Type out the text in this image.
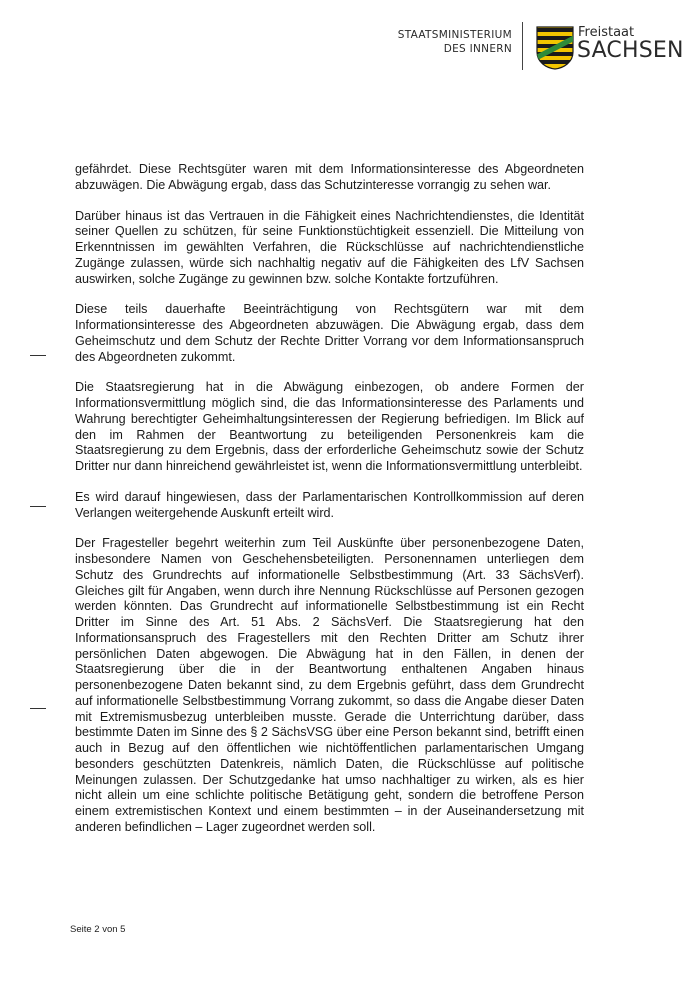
STAATSMINISTERIUM
DES INNERN
Freistaat
SACHSEN

gefährdet. Diese Rechtsgüter waren mit dem Informationsinteresse des Abgeordneten abzuwägen. Die Abwägung ergab, dass das Schutzinteresse vorrangig zu sehen war.

Darüber hinaus ist das Vertrauen in die Fähigkeit eines Nachrichtendienstes, die Identität seiner Quellen zu schützen, für seine Funktionstüchtigkeit essenziell. Die Mitteilung von Erkenntnissen im gewählten Verfahren, die Rückschlüsse auf nachrichtendienstliche Zugänge zulassen, würde sich nachhaltig negativ auf die Fähigkeiten des LfV Sachsen auswirken, solche Zugänge zu gewinnen bzw. solche Kontakte fortzuführen.

Diese teils dauerhafte Beeinträchtigung von Rechtsgütern war mit dem Informationsinteresse des Abgeordneten abzuwägen. Die Abwägung ergab, dass dem Geheimschutz und dem Schutz der Rechte Dritter Vorrang vor dem Informationsanspruch des Abgeordneten zukommt.

Die Staatsregierung hat in die Abwägung einbezogen, ob andere Formen der Informationsvermittlung möglich sind, die das Informationsinteresse des Parlaments und Wahrung berechtigter Geheimhaltungsinteressen der Regierung befriedigen. Im Blick auf den im Rahmen der Beantwortung zu beteiligenden Personenkreis kam die Staatsregierung zu dem Ergebnis, dass der erforderliche Geheimschutz sowie der Schutz Dritter nur dann hinreichend gewährleistet ist, wenn die Informationsvermittlung unterbleibt.

Es wird darauf hingewiesen, dass der Parlamentarischen Kontrollkommission auf deren Verlangen weitergehende Auskunft erteilt wird.

Der Fragesteller begehrt weiterhin zum Teil Auskünfte über personenbezogene Daten, insbesondere Namen von Geschehensbeteiligten. Personennamen unterliegen dem Schutz des Grundrechts auf informationelle Selbstbestimmung (Art. 33 SächsVerf). Gleiches gilt für Angaben, wenn durch ihre Nennung Rückschlüsse auf Personen gezogen werden könnten. Das Grundrecht auf informationelle Selbstbestimmung ist ein Recht Dritter im Sinne des Art. 51 Abs. 2 SächsVerf. Die Staatsregierung hat den Informationsanspruch des Fragestellers mit den Rechten Dritter am Schutz ihrer persönlichen Daten abgewogen. Die Abwägung hat in den Fällen, in denen der Staatsregierung über die in der Beantwortung enthaltenen Angaben hinaus personenbezogene Daten bekannt sind, zu dem Ergebnis geführt, dass dem Grundrecht auf informationelle Selbstbestimmung Vorrang zukommt, so dass die Angabe dieser Daten mit Extremismusbezug unterbleiben musste. Gerade die Unterrichtung darüber, dass bestimmte Daten im Sinne des § 2 SächsVSG über eine Person bekannt sind, betrifft einen auch in Bezug auf den öffentlichen wie nichtöffentlichen parlamentarischen Umgang besonders geschützten Datenkreis, nämlich Daten, die Rückschlüsse auf politische Meinungen zulassen. Der Schutzgedanke hat umso nachhaltiger zu wirken, als es hier nicht allein um eine schlichte politische Betätigung geht, sondern die betroffene Person einem extremistischen Kontext und einem bestimmten – in der Auseinandersetzung mit anderen befindlichen – Lager zugeordnet werden soll.

Seite 2 von 5
